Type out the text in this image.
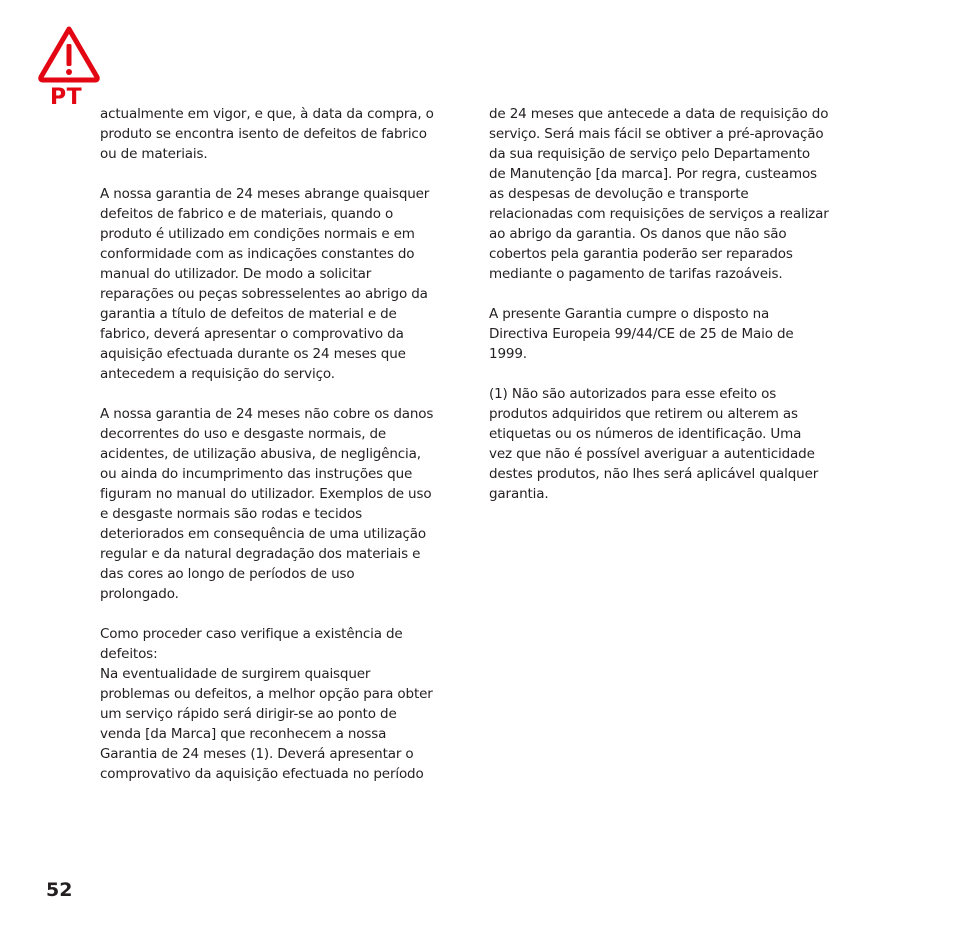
PT

actualmente em vigor, e que, à data da compra, o
produto se encontra isento de defeitos de fabrico
ou de materiais.

A nossa garantia de 24 meses abrange quaisquer
defeitos de fabrico e de materiais, quando o
produto é utilizado em condições normais e em
conformidade com as indicações constantes do
manual do utilizador. De modo a solicitar
reparações ou peças sobresselentes ao abrigo da
garantia a título de defeitos de material e de
fabrico, deverá apresentar o comprovativo da
aquisição efectuada durante os 24 meses que
antecedem a requisição do serviço.

A nossa garantia de 24 meses não cobre os danos
decorrentes do uso e desgaste normais, de
acidentes, de utilização abusiva, de negligência,
ou ainda do incumprimento das instruções que
figuram no manual do utilizador. Exemplos de uso
e desgaste normais são rodas e tecidos
deteriorados em consequência de uma utilização
regular e da natural degradação dos materiais e
das cores ao longo de períodos de uso
prolongado.

Como proceder caso verifique a existência de
defeitos:
Na eventualidade de surgirem quaisquer
problemas ou defeitos, a melhor opção para obter
um serviço rápido será dirigir-se ao ponto de
venda [da Marca] que reconhecem a nossa
Garantia de 24 meses (1). Deverá apresentar o
comprovativo da aquisição efectuada no período

de 24 meses que antecede a data de requisição do
serviço. Será mais fácil se obtiver a pré-aprovação
da sua requisição de serviço pelo Departamento
de Manutenção [da marca]. Por regra, custeamos
as despesas de devolução e transporte
relacionadas com requisições de serviços a realizar
ao abrigo da garantia. Os danos que não são
cobertos pela garantia poderão ser reparados
mediante o pagamento de tarifas razoáveis.

A presente Garantia cumpre o disposto na
Directiva Europeia 99/44/CE de 25 de Maio de
1999.

(1) Não são autorizados para esse efeito os
produtos adquiridos que retirem ou alterem as
etiquetas ou os números de identificação. Uma
vez que não é possível averiguar a autenticidade
destes produtos, não lhes será aplicável qualquer
garantia.

52
